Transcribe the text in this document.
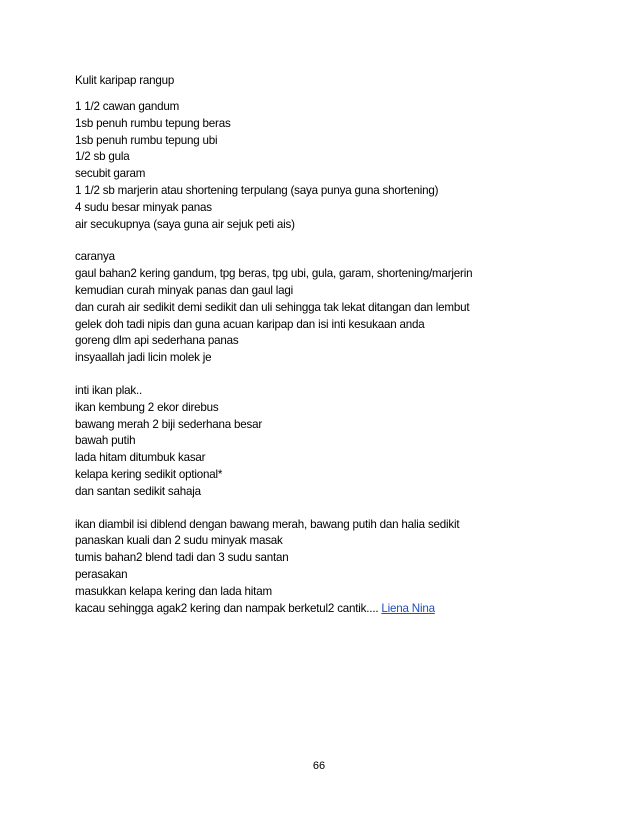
Kulit karipap rangup

1 1/2 cawan gandum
1sb penuh rumbu tepung beras
1sb penuh rumbu tepung ubi
1/2 sb gula
secubit garam
1 1/2 sb marjerin atau shortening terpulang (saya punya guna shortening)
4 sudu besar minyak panas
air secukupnya (saya guna air sejuk peti ais)
caranya
gaul bahan2 kering gandum, tpg beras, tpg ubi, gula, garam, shortening/marjerin
kemudian curah minyak panas dan gaul lagi
dan curah air sedikit demi sedikit dan uli sehingga tak lekat ditangan dan lembut
gelek doh tadi nipis dan guna acuan karipap dan isi inti kesukaan anda
goreng dlm api sederhana panas
insyaallah jadi licin molek je
inti ikan plak..
ikan kembung 2 ekor direbus
bawang merah 2 biji sederhana besar
bawah putih
lada hitam ditumbuk kasar
kelapa kering sedikit optional*
dan santan sedikit sahaja
ikan diambil isi diblend dengan bawang merah, bawang putih dan halia sedikit
panaskan kuali dan 2 sudu minyak masak
tumis bahan2 blend tadi dan 3 sudu santan
perasakan
masukkan kelapa kering dan lada hitam
kacau sehingga agak2 kering dan nampak berketul2 cantik.... Liena Nina
66
